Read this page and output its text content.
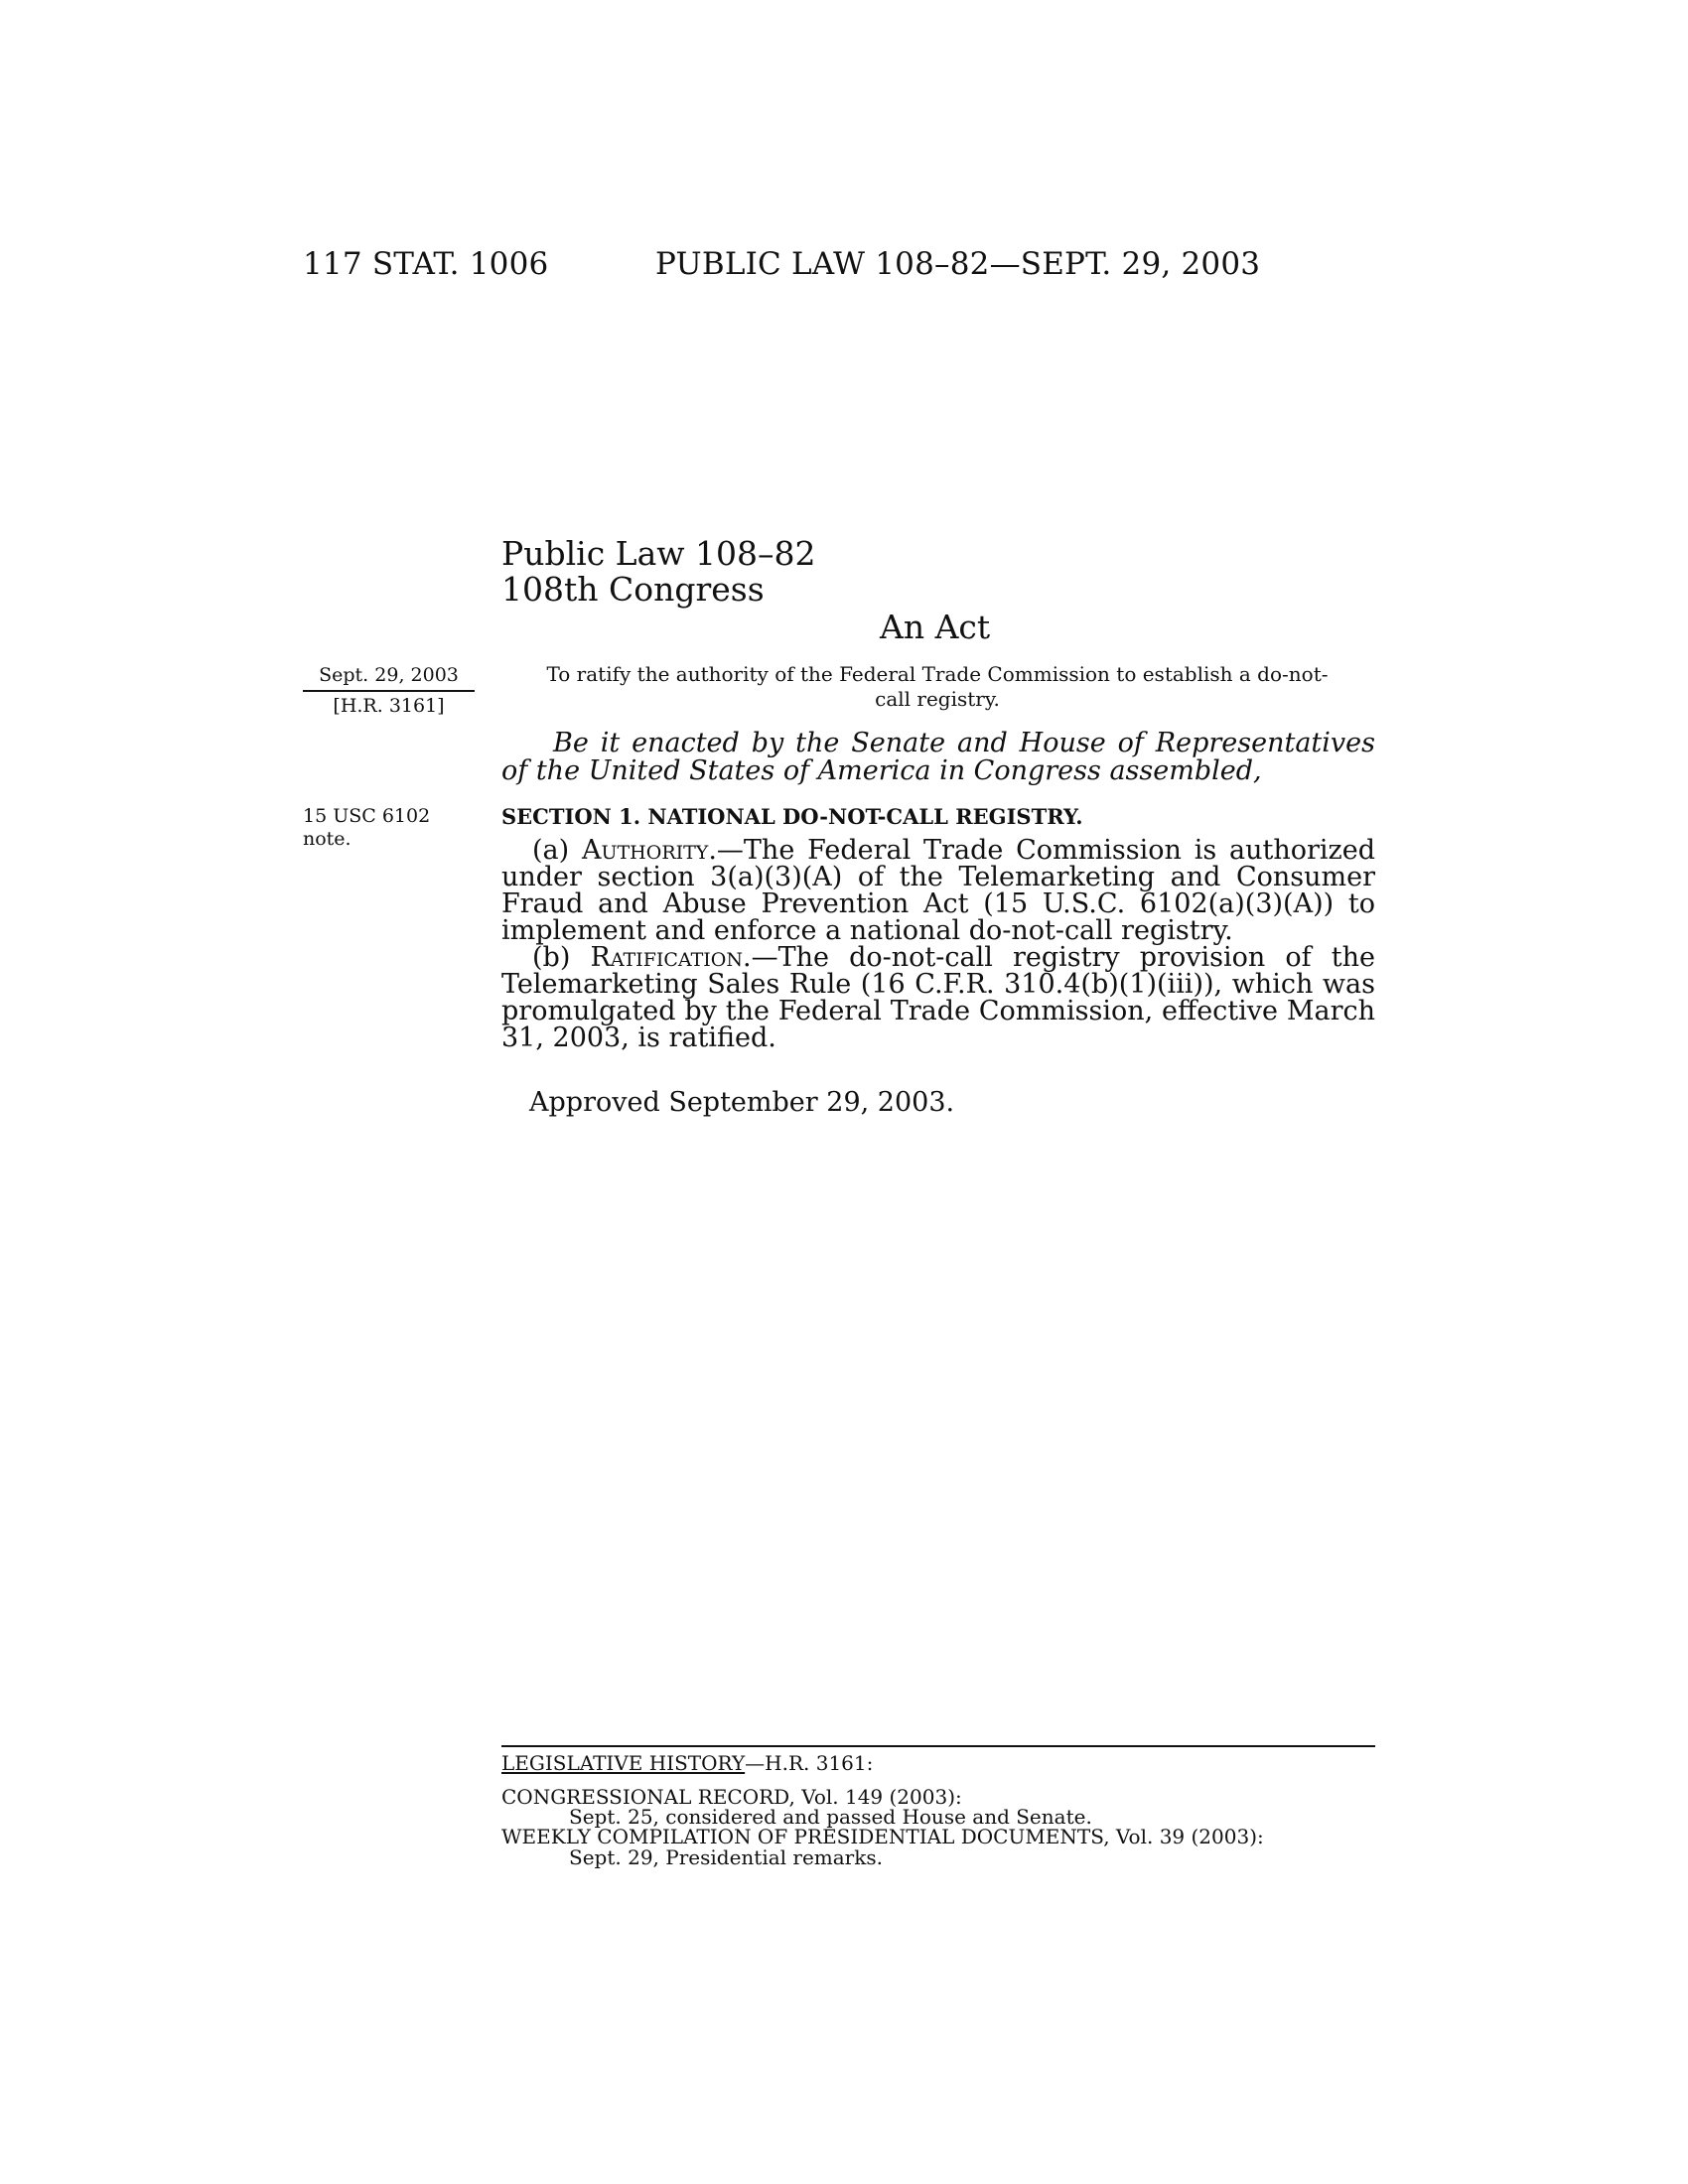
117 STAT. 1006	PUBLIC LAW 108–82—SEPT. 29, 2003
Public Law 108–82
108th Congress
An Act
Sept. 29, 2003
[H.R. 3161]
15 USC 6102
note.
To ratify the authority of the Federal Trade Commission to establish a do-not-call registry.
Be it enacted by the Senate and House of Representatives of the United States of America in Congress assembled,
SECTION 1. NATIONAL DO-NOT-CALL REGISTRY.

(a) Authority.—The Federal Trade Commission is authorized under section 3(a)(3)(A) of the Telemarketing and Consumer Fraud and Abuse Prevention Act (15 U.S.C. 6102(a)(3)(A)) to implement and enforce a national do-not-call registry.

(b) Ratification.—The do-not-call registry provision of the Telemarketing Sales Rule (16 C.F.R. 310.4(b)(1)(iii)), which was promulgated by the Federal Trade Commission, effective March 31, 2003, is ratified.

Approved September 29, 2003.
LEGISLATIVE HISTORY—H.R. 3161:
CONGRESSIONAL RECORD, Vol. 149 (2003):
Sept. 25, considered and passed House and Senate.
WEEKLY COMPILATION OF PRESIDENTIAL DOCUMENTS, Vol. 39 (2003):
Sept. 29, Presidential remarks.
